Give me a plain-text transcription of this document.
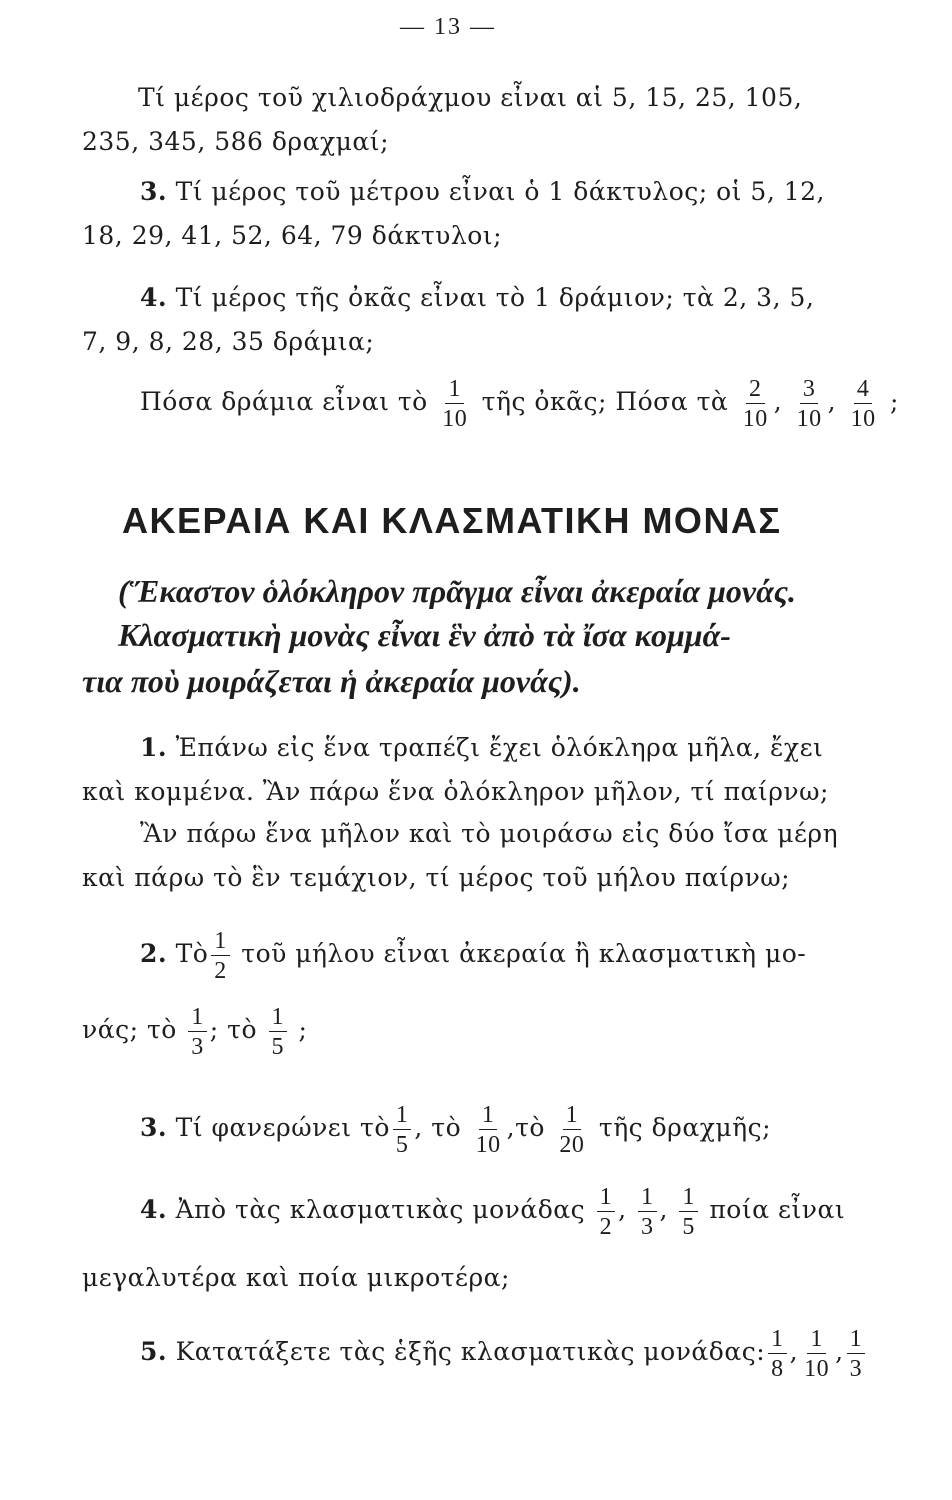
— 13 —
Τί μέρος τοῦ χιλιοδράχμου εἶναι αἱ 5, 15, 25, 105,
235, 345, 586 δραχμαί;
3. Τί μέρος τοῦ μέτρου εἶναι ὁ 1 δάκτυλος; οἱ 5, 12,
18, 29, 41, 52, 64, 79 δάκτυλοι;
4. Τί μέρος τῆς ὀκᾶς εἶναι τὸ 1 δράμιον; τὰ 2, 3, 5,
7, 9, 8, 28, 35 δράμια;
Πόσα δράμια εἶναι τὸ $\frac{1}{10}$ τῆς ὀκᾶς; Πόσα τὰ $\frac{2}{10}$ , $\frac{3}{10}$ , $\frac{4}{10}$ ;
ΑΚΕΡΑΙΑ ΚΑΙ ΚΛΑΣΜΑΤΙΚΗ ΜΟΝΑΣ
(Ἕκαστον ὁλόκληρον πρᾶγμα εἶναι ἀκεραία μονάς.
Κλασματικὴ μονὰς εἶναι ἓν ἀπὸ τὰ ἴσα κομμά-
τια ποὺ μοιράζεται ἡ ἀκεραία μονάς).
1. Ἐπάνω εἰς ἕνα τραπέζι ἔχει ὁλόκληρα μῆλα, ἔχει
καὶ κομμένα. Ἂν πάρω ἕνα ὁλόκληρον μῆλον, τί παίρνω;
Ἂν πάρω ἕνα μῆλον καὶ τὸ μοιράσω εἰς δύο ἴσα μέρη
καὶ πάρω τὸ ἓν τεμάχιον, τί μέρος τοῦ μήλου παίρνω;
2. Τὸ $\frac{1}{2}$ τοῦ μήλου εἶναι ἀκεραία ἢ κλασματικὴ μο-
νάς; τὸ $\frac{1}{3}$ ; τὸ $\frac{1}{5}$ ;
3. Τί φανερώνει τὸ $\frac{1}{5}$ , τὸ $\frac{1}{10}$ ,τὸ $\frac{1}{20}$ τῆς δραχμῆς;
4. Ἀπὸ τὰς κλασματικὰς μονάδας $\frac{1}{2}$ , $\frac{1}{3}$ , $\frac{1}{5}$ ποία εἶναι
μεγαλυτέρα καὶ ποία μικροτέρα;
5. Κατατάξετε τὰς ἑξῆς κλασματικὰς μονάδας: $\frac{1}{8}$ , $\frac{1}{10}$ , $\frac{1}{3}$
